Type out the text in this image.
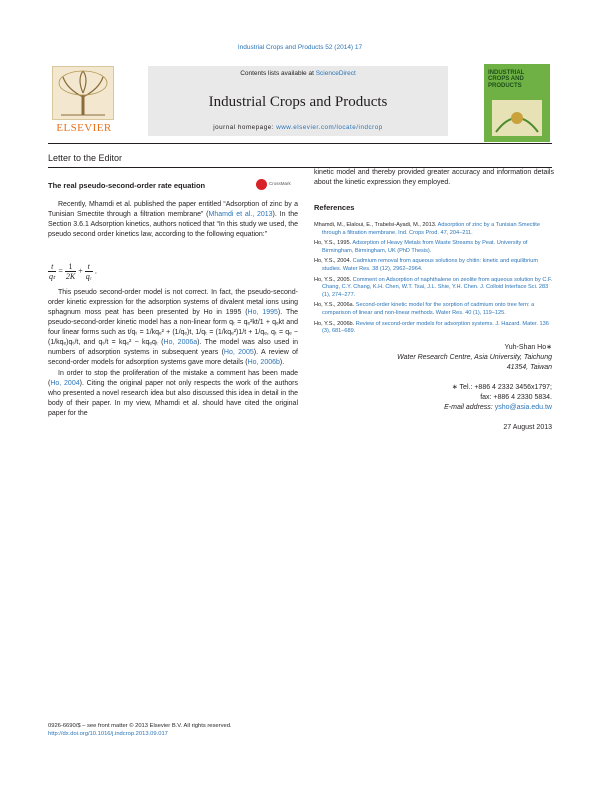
Industrial Crops and Products 52 (2014) 17
ELSEVIER
Contents lists available at ScienceDirect
Industrial Crops and Products
journal homepage: www.elsevier.com/locate/indcrop
INDUSTRIAL CROPS AND PRODUCTS
Letter to the Editor
The real pseudo-second-order rate equation	CrossMark

Recently, Mhamdi et al. published the paper entitled “Adsorption of zinc by a Tunisian Smectite through a filtration membrane” (Mhamdi et al., 2013). In the Section 3.6.1 Adsorption kinetics, authors noticed that “In this study we used, the pseudo second order kinetics law, according to the following equation:”

$\frac{t}{\text{qₜ}} = \frac{1}{2K} + \frac{t}{\text{qₑ}}$ .

This pseudo second-order model is not correct. In fact, the pseudo-second-order kinetic expression for the adsorption systems of divalent metal ions using sphagnum moss peat has been presented by Ho in 1995 (Ho, 1995). The pseudo-second-order kinetic model has a non-linear form qₜ = qₑ²kt/1 + qₑkt and four linear forms such as t/qₜ = 1/kqₑ² + (1/qₑ)t, 1/qₜ = (1/kqₑ²)1/t + 1/qₑ, qₜ = qₑ − (1/kqₑ)qₜ/t, and qₜ/t = kqₑ² − kqₑqₜ (Ho, 2006a). The model was also used in numbers of adsorption systems in subsequent years (Ho, 2005). A review of second-order models for adsorption systems gave more details (Ho, 2006b).

In order to stop the proliferation of the mistake a comment has been made (Ho, 2004). Citing the original paper not only respects the work of the authors who presented a novel research idea but also discussed this idea in detail in the body of their paper. In my view, Mhamdi et al. should have cited the original paper for the

kinetic model and thereby provided greater accuracy and information details about the kinetic expression they employed.
References
Mhamdi, M., Elaloui, E., Trabelsi-Ayadi, M., 2013. Adsorption of zinc by a Tunisian Smectite through a filtration membrane. Ind. Crops Prod. 47, 204–211.
Ho, Y.S., 1995. Adsorption of Heavy Metals from Waste Streams by Peat. University of Birmingham, Birmingham, UK (PhD Thesis).
Ho, Y.S., 2004. Cadmium removal from aqueous solutions by chitin: kinetic and equilibrium studies. Water Res. 38 (12), 2962–2964.
Ho, Y.S., 2005. Comment on Adsorption of naphthalene on zeolite from aqueous solution by C.F. Chang, C.Y. Chang, K.H. Chen, W.T. Tsai, J.L. Shie, Y.H. Chen. J. Colloid Interface Sci. 283 (1), 274–277.
Ho, Y.S., 2006a. Second-order kinetic model for the sorption of cadmium onto tree fern: a comparison of linear and non-linear methods. Water Res. 40 (1), 119–125.
Ho, Y.S., 2006b. Review of second-order models for adsorption systems. J. Hazard. Mater. 136 (3), 681–689.
Yuh-Shan Ho∗
Water Research Centre, Asia University, Taichung
41354, Taiwan
∗ Tel.: +886 4 2332 3456x1797;
fax: +886 4 2330 5834.
E-mail address: ysho@asia.edu.tw
27 August 2013
0926-6690/$ – see front matter © 2013 Elsevier B.V. All rights reserved.
http://dx.doi.org/10.1016/j.indcrop.2013.09.017
